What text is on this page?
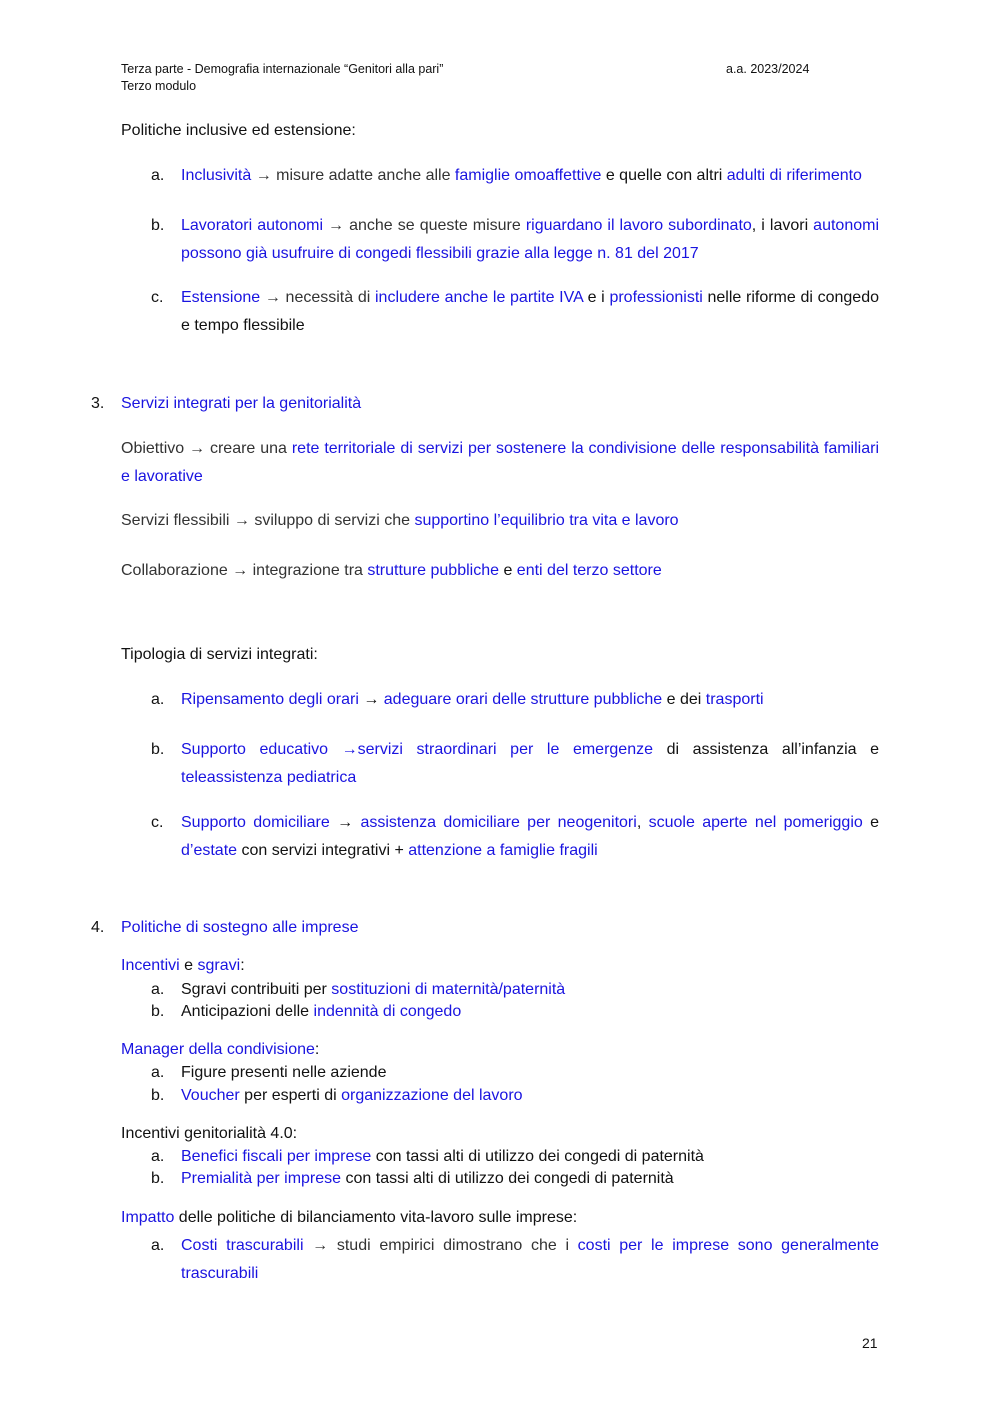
Terza parte - Demografia internazionale “Genitori alla pari”
Terzo modulo
a.a. 2023/2024
Politiche inclusive ed estensione:
a. Inclusività → misure adatte anche alle famiglie omoaffettive e quelle con altri adulti di riferimento
b. Lavoratori autonomi → anche se queste misure riguardano il lavoro subordinato, i lavori autonomi possono già usufruire di congedi flessibili grazie alla legge n. 81 del 2017
c. Estensione → necessità di includere anche le partite IVA e i professionisti nelle riforme di congedo e tempo flessibile
3. Servizi integrati per la genitorialità
Obiettivo → creare una rete territoriale di servizi per sostenere la condivisione delle responsabilità familiari e lavorative
Servizi flessibili → sviluppo di servizi che supportino l’equilibrio tra vita e lavoro
Collaborazione → integrazione tra strutture pubbliche e enti del terzo settore
Tipologia di servizi integrati:
a. Ripensamento degli orari → adeguare orari delle strutture pubbliche e dei trasporti
b. Supporto educativo →servizi straordinari per le emergenze di assistenza all’infanzia e teleassistenza pediatrica
c. Supporto domiciliare → assistenza domiciliare per neogenitori, scuole aperte nel pomeriggio e d’estate con servizi integrativi + attenzione a famiglie fragili
4. Politiche di sostegno alle imprese
Incentivi e sgravi:
a. Sgravi contribuiti per sostituzioni di maternità/paternità
b. Anticipazioni delle indennità di congedo
Manager della condivisione:
a. Figure presenti nelle aziende
b. Voucher per esperti di organizzazione del lavoro
Incentivi genitorialità 4.0:
a. Benefici fiscali per imprese con tassi alti di utilizzo dei congedi di paternità
b. Premialità per imprese con tassi alti di utilizzo dei congedi di paternità
Impatto delle politiche di bilanciamento vita-lavoro sulle imprese:
a. Costi trascurabili → studi empirici dimostrano che i costi per le imprese sono generalmente trascurabili
21
